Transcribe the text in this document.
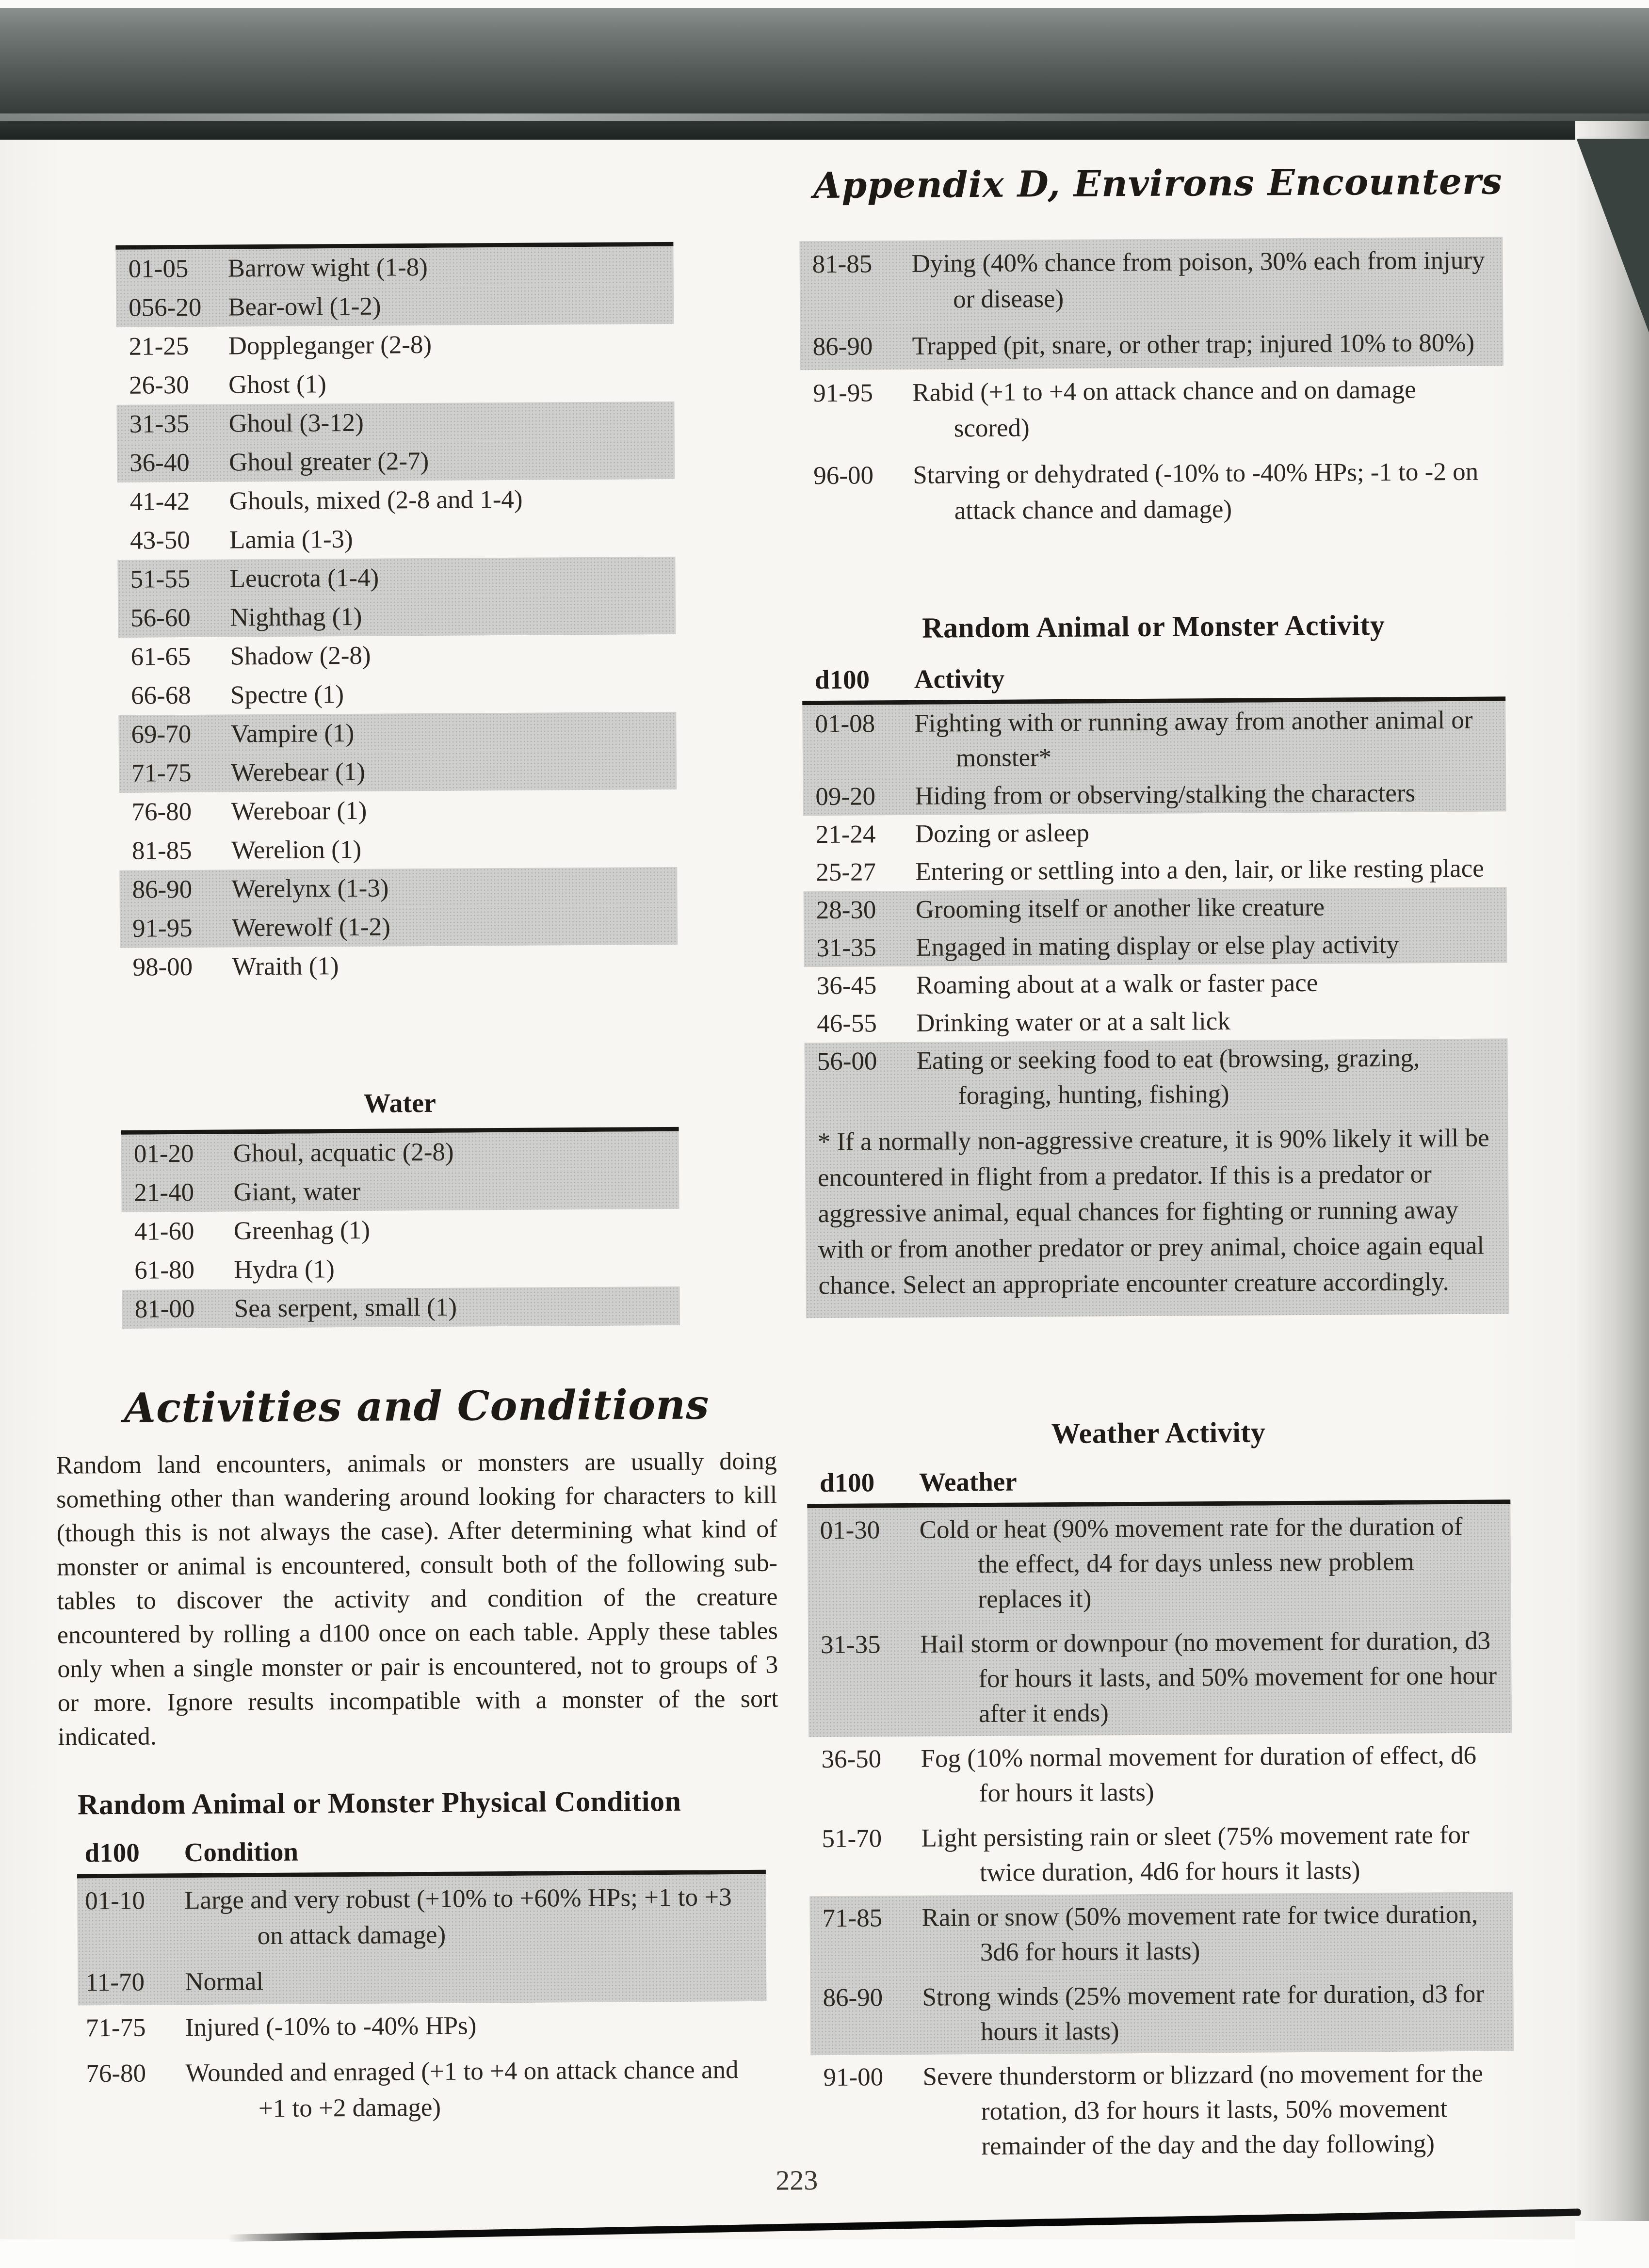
Appendix D, Environs Encounters
01-05	Barrow wight (1-8)
056-20	Bear-owl (1-2)
21-25	Doppleganger (2-8)
26-30	Ghost (1)
31-35	Ghoul (3-12)
36-40	Ghoul greater (2-7)
41-42	Ghouls, mixed (2-8 and 1-4)
43-50	Lamia (1-3)
51-55	Leucrota (1-4)
56-60	Nighthag (1)
61-65	Shadow (2-8)
66-68	Spectre (1)
69-70	Vampire (1)
71-75	Werebear (1)
76-80	Wereboar (1)
81-85	Werelion (1)
86-90	Werelynx (1-3)
91-95	Werewolf (1-2)
98-00	Wraith (1)
Water
01-20	Ghoul, acquatic (2-8)
21-40	Giant, water
41-60	Greenhag (1)
61-80	Hydra (1)
81-00	Sea serpent, small (1)
Activities and Conditions
Random land encounters, animals or monsters are usually doing something other than wandering around looking for characters to kill (though this is not always the case). After determining what kind of monster or animal is encountered, consult both of the following sub-tables to discover the activity and condition of the creature encountered by rolling a d100 once on each table. Apply these tables only when a single monster or pair is encountered, not to groups of 3 or more. Ignore results incompatible with a monster of the sort indicated.
Random Animal or Monster Physical Condition
d100	Condition
01-10	Large and very robust (+10% to +60% HPs; +1 to +3 on attack damage)
11-70	Normal
71-75	Injured (-10% to -40% HPs)
76-80	Wounded and enraged (+1 to +4 on attack chance and +1 to +2 damage)
81-85	Dying (40% chance from poison, 30% each from injury or disease)
86-90	Trapped (pit, snare, or other trap; injured 10% to 80%)
91-95	Rabid (+1 to +4 on attack chance and on damage scored)
96-00	Starving or dehydrated (-10% to -40% HPs; -1 to -2 on attack chance and damage)
Random Animal or Monster Activity
d100	Activity
01-08	Fighting with or running away from another animal or monster*
09-20	Hiding from or observing/stalking the characters
21-24	Dozing or asleep
25-27	Entering or settling into a den, lair, or like resting place
28-30	Grooming itself or another like creature
31-35	Engaged in mating display or else play activity
36-45	Roaming about at a walk or faster pace
46-55	Drinking water or at a salt lick
56-00	Eating or seeking food to eat (browsing, grazing, foraging, hunting, fishing)
* If a normally non-aggressive creature, it is 90% likely it will be encountered in flight from a predator. If this is a predator or aggressive animal, equal chances for fighting or running away with or from another predator or prey animal, choice again equal chance. Select an appropriate encounter creature accordingly.
Weather Activity
d100	Weather
01-30	Cold or heat (90% movement rate for the duration of the effect, d4 for days unless new problem replaces it)
31-35	Hail storm or downpour (no movement for duration, d3 for hours it lasts, and 50% movement for one hour after it ends)
36-50	Fog (10% normal movement for duration of effect, d6 for hours it lasts)
51-70	Light persisting rain or sleet (75% movement rate for twice duration, 4d6 for hours it lasts)
71-85	Rain or snow (50% movement rate for twice duration, 3d6 for hours it lasts)
86-90	Strong winds (25% movement rate for duration, d3 for hours it lasts)
91-00	Severe thunderstorm or blizzard (no movement for the rotation, d3 for hours it lasts, 50% movement remainder of the day and the day following)
223
